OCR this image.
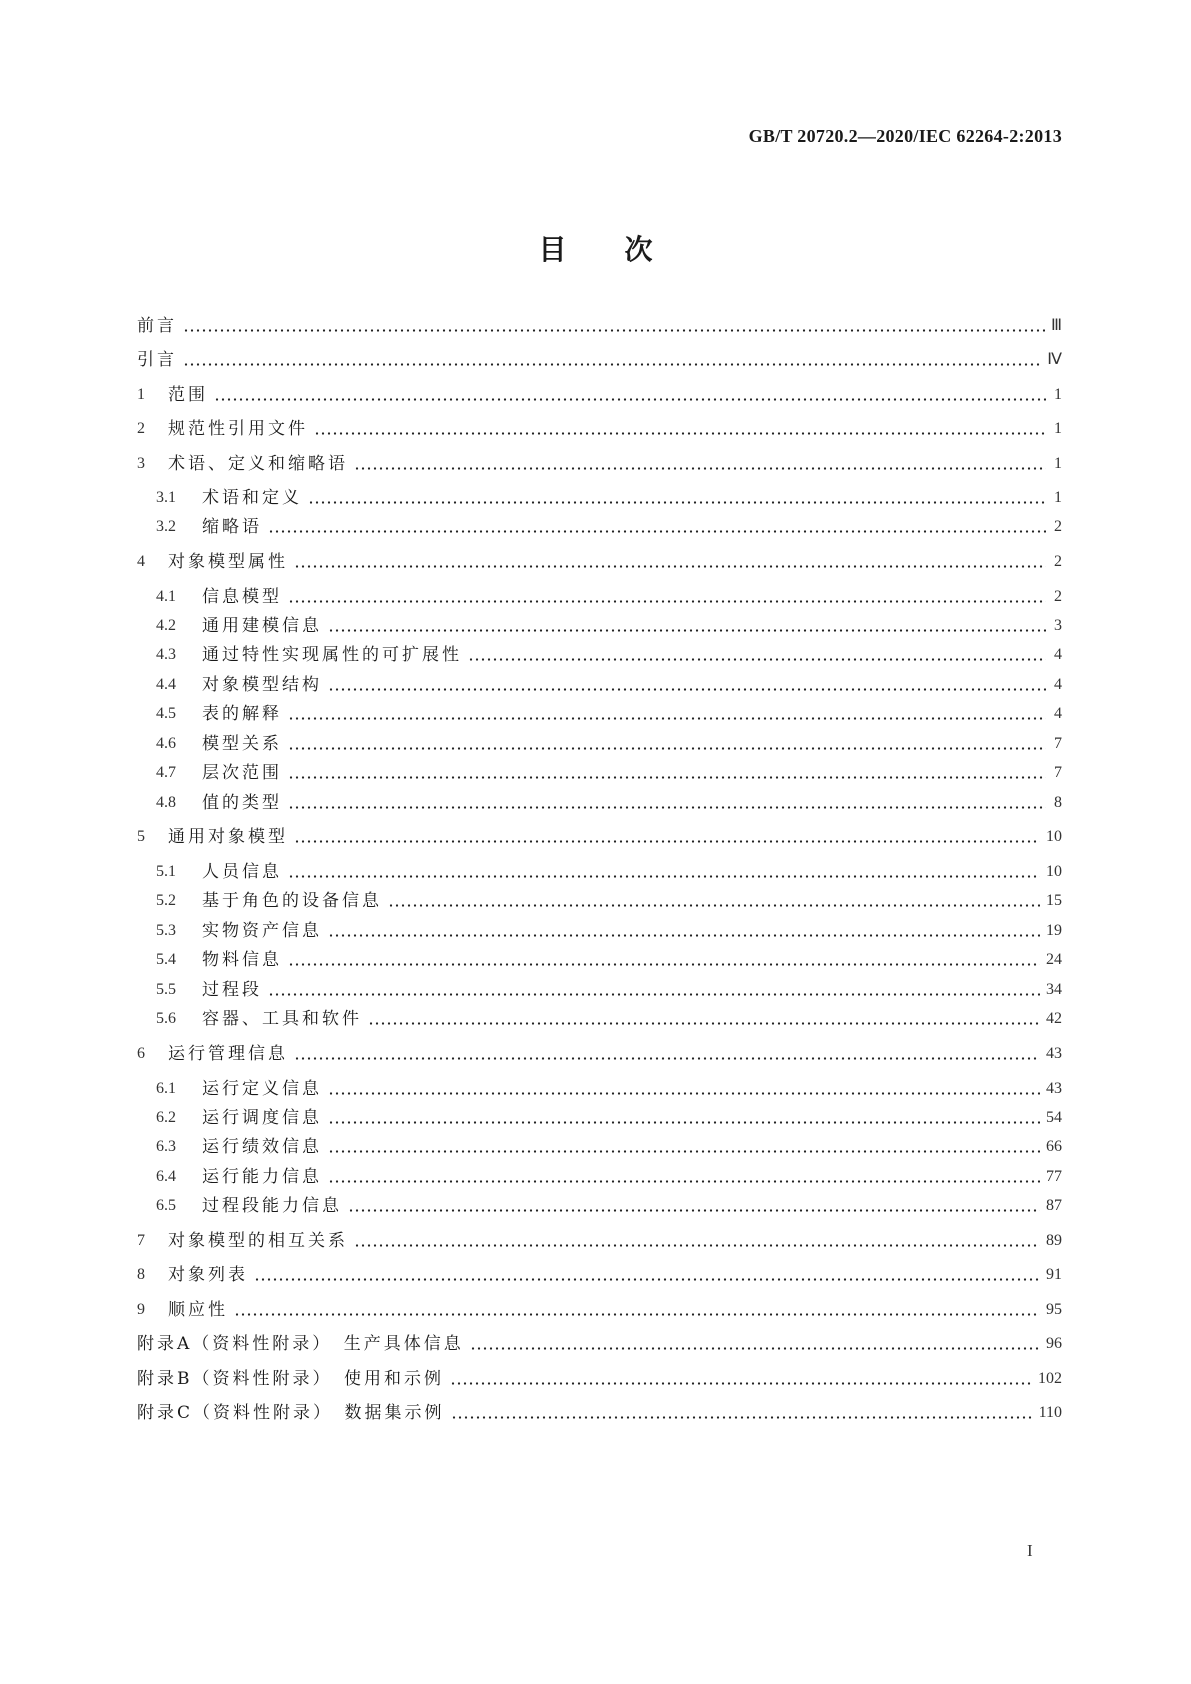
GB/T 20720.2—2020/IEC 62264-2:2013
目次
前言	Ⅲ
引言	Ⅳ
1	范围	1
2	规范性引用文件	1
3	术语、定义和缩略语	1
3.1	术语和定义	1
3.2	缩略语	2
4	对象模型属性	2
4.1	信息模型	2
4.2	通用建模信息	3
4.3	通过特性实现属性的可扩展性	4
4.4	对象模型结构	4
4.5	表的解释	4
4.6	模型关系	7
4.7	层次范围	7
4.8	值的类型	8
5	通用对象模型	10
5.1	人员信息	10
5.2	基于角色的设备信息	15
5.3	实物资产信息	19
5.4	物料信息	24
5.5	过程段	34
5.6	容器、工具和软件	42
6	运行管理信息	43
6.1	运行定义信息	43
6.2	运行调度信息	54
6.3	运行绩效信息	66
6.4	运行能力信息	77
6.5	过程段能力信息	87
7	对象模型的相互关系	89
8	对象列表	91
9	顺应性	95
附录A（资料性附录）　生产具体信息	96
附录B（资料性附录）　使用和示例	102
附录C（资料性附录）　数据集示例	110
I
